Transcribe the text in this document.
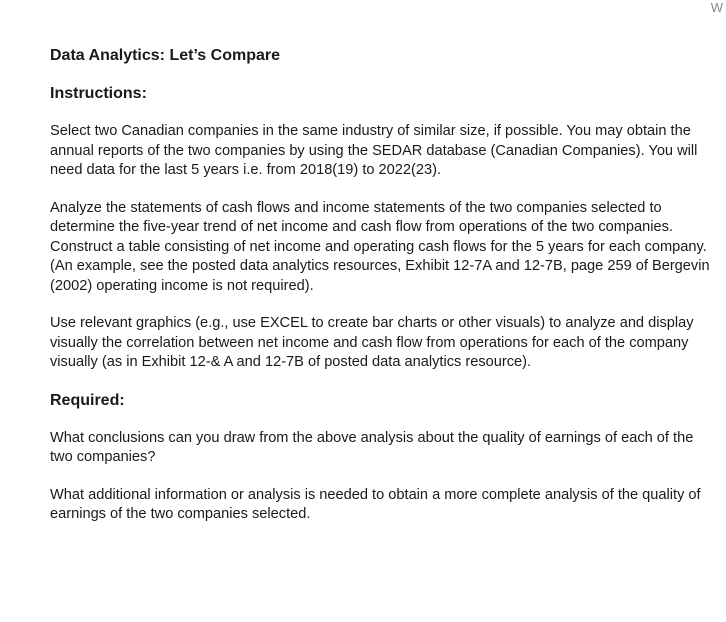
W
Data Analytics: Let’s Compare
Instructions:

Select two Canadian companies in the same industry of similar size, if possible. You may obtain the annual reports of the two companies by using the SEDAR database (Canadian Companies). You will need data for the last 5 years i.e. from 2018(19) to 2022(23).

Analyze the statements of cash flows and income statements of the two companies selected to determine the five-year trend of net income and cash flow from operations of the two companies. Construct a table consisting of net income and operating cash flows for the 5 years for each company. (An example, see the posted data analytics resources, Exhibit 12-7A and 12-7B, page 259 of Bergevin (2002) operating income is not required).

Use relevant graphics (e.g., use EXCEL to create bar charts or other visuals) to analyze and display visually the correlation between net income and cash flow from operations for each of the company visually (as in Exhibit 12-& A and 12-7B of posted data analytics resource).

Required:

What conclusions can you draw from the above analysis about the quality of earnings of each of the two companies?

What additional information or analysis is needed to obtain a more complete analysis of the quality of earnings of the two companies selected.
